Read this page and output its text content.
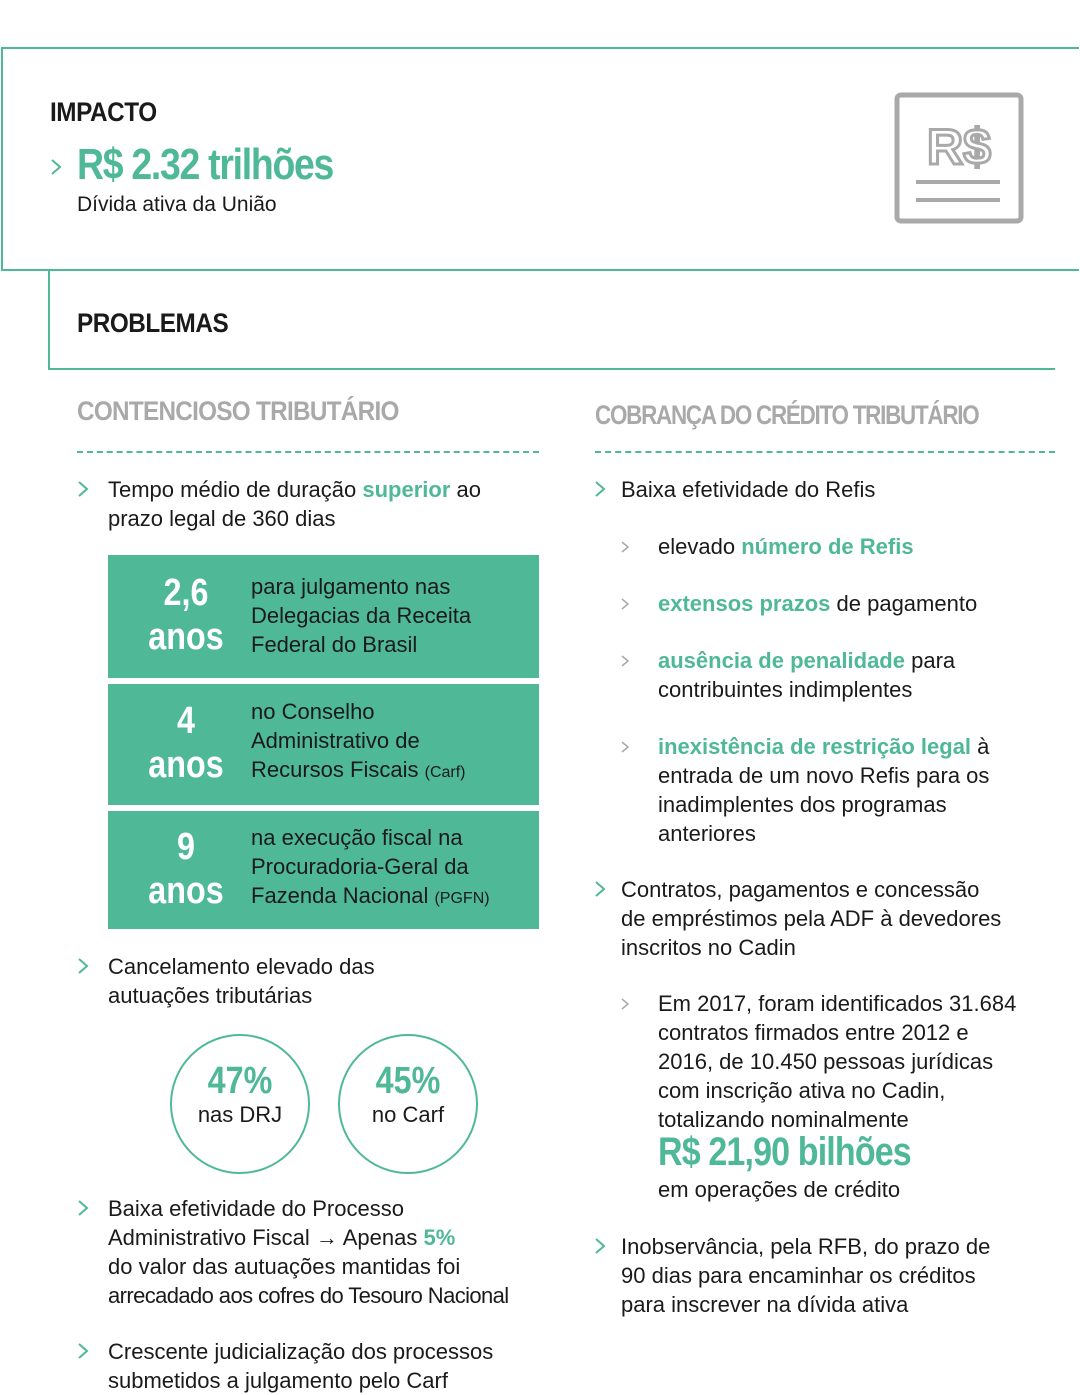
IMPACTO
R$ 2.32 trilhões
Dívida ativa da União
R$
PROBLEMAS
CONTENCIOSO TRIBUTÁRIO
Tempo médio de duração superior ao
prazo legal de 360 dias
2,6
anos
para julgamento nas
Delegacias da Receita
Federal do Brasil
4
anos
no Conselho
Administrativo de
Recursos Fiscais (Carf)
9
anos
na execução fiscal na
Procuradoria-Geral da
Fazenda Nacional (PGFN)
Cancelamento elevado das
autuações tributárias
47%
nas DRJ
45%
no Carf
Baixa efetividade do Processo
Administrativo Fiscal → Apenas 5%
do valor das autuações mantidas foi
arrecadado aos cofres do Tesouro Nacional
Crescente judicialização dos processos
submetidos a julgamento pelo Carf
COBRANÇA DO CRÉDITO TRIBUTÁRIO
Baixa efetividade do Refis
elevado número de Refis
extensos prazos de pagamento
ausência de penalidade para
contribuintes indimplentes
inexistência de restrição legal à
entrada de um novo Refis para os
inadimplentes dos programas
anteriores
Contratos, pagamentos e concessão
de empréstimos pela ADF à devedores
inscritos no Cadin
Em 2017, foram identificados 31.684
contratos firmados entre 2012 e
2016, de 10.450 pessoas jurídicas
com inscrição ativa no Cadin,
totalizando nominalmente
R$ 21,90 bilhões
em operações de crédito
Inobservância, pela RFB, do prazo de
90 dias para encaminhar os créditos
para inscrever na dívida ativa
